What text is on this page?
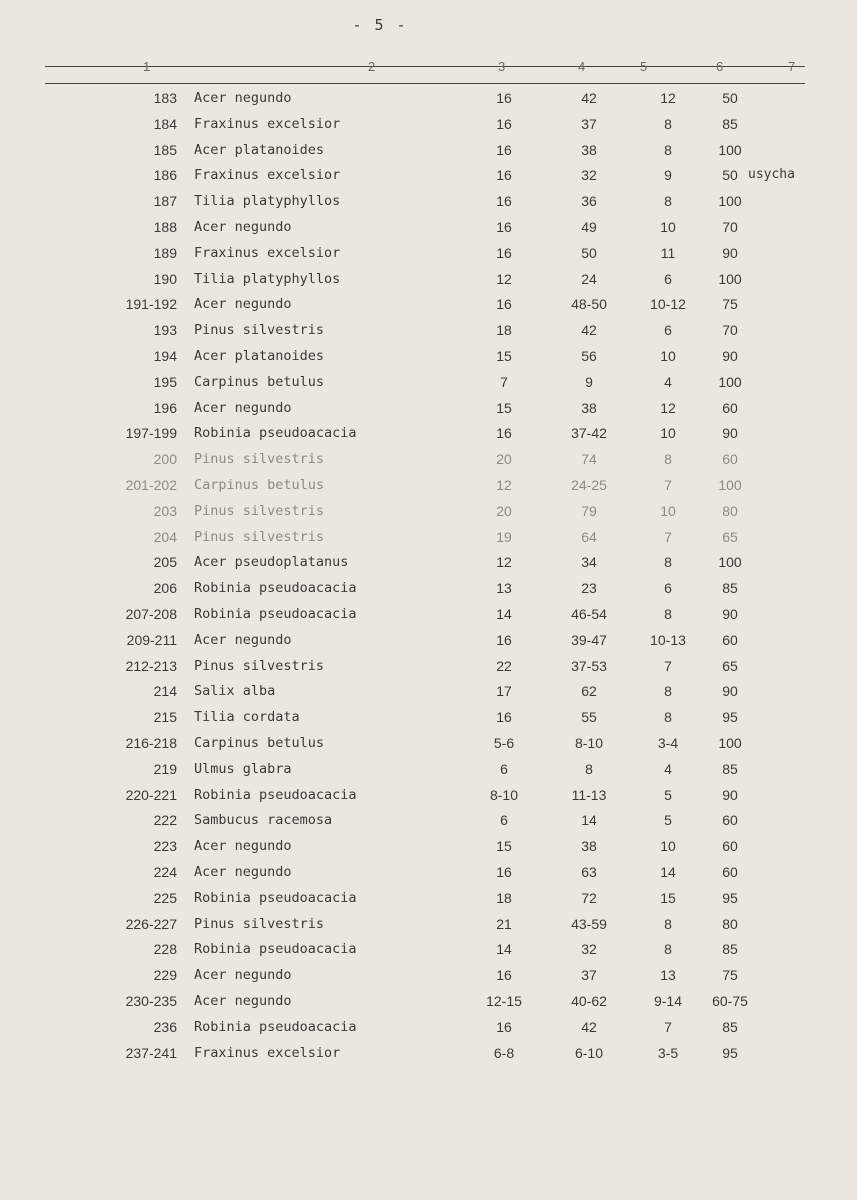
- 5 -
1	2	3	4	5	6	7
183 Acer negundo	16	42	12	50
184 Fraxinus excelsior	16	37	8	85
185 Acer platanoides	16	38	8	100
186 Fraxinus excelsior	16	32	9	50 usycha
187 Tilia platyphyllos	16	36	8	100
188 Acer negundo	16	49	10	70
189 Fraxinus excelsior	16	50	11	90
190 Tilia platyphyllos	12	24	6	100
191-192 Acer negundo	16	48-50	10-12	75
193 Pinus silvestris	18	42	6	70
194 Acer platanoides	15	56	10	90
195 Carpinus betulus	7	9	4	100
196 Acer negundo	15	38	12	60
197-199 Robinia pseudoacacia	16	37-42	10	90
200 Pinus silvestris	20	74	8	60
201-202 Carpinus betulus	12	24-25	7	100
203 Pinus silvestris	20	79	10	80
204 Pinus silvestris	19	64	7	65
205 Acer pseudoplatanus	12	34	8	100
206 Robinia pseudoacacia	13	23	6	85
207-208 Robinia pseudoacacia	14	46-54	8	90
209-211 Acer negundo	16	39-47	10-13	60
212-213 Pinus silvestris	22	37-53	7	65
214 Salix alba	17	62	8	90
215 Tilia cordata	16	55	8	95
216-218 Carpinus betulus	5-6	8-10	3-4	100
219 Ulmus glabra	6	8	4	85
220-221 Robinia pseudoacacia	8-10	11-13	5	90
222 Sambucus racemosa	6	14	5	60
223 Acer negundo	15	38	10	60
224 Acer negundo	16	63	14	60
225 Robinia pseudoacacia	18	72	15	95
226-227 Pinus silvestris	21	43-59	8	80
228 Robinia pseudoacacia	14	32	8	85
229 Acer negundo	16	37	13	75
230-235 Acer negundo	12-15	40-62	9-14	60-75
236 Robinia pseudoacacia	16	42	7	85
237-241 Fraxinus excelsior	6-8	6-10	3-5	95
